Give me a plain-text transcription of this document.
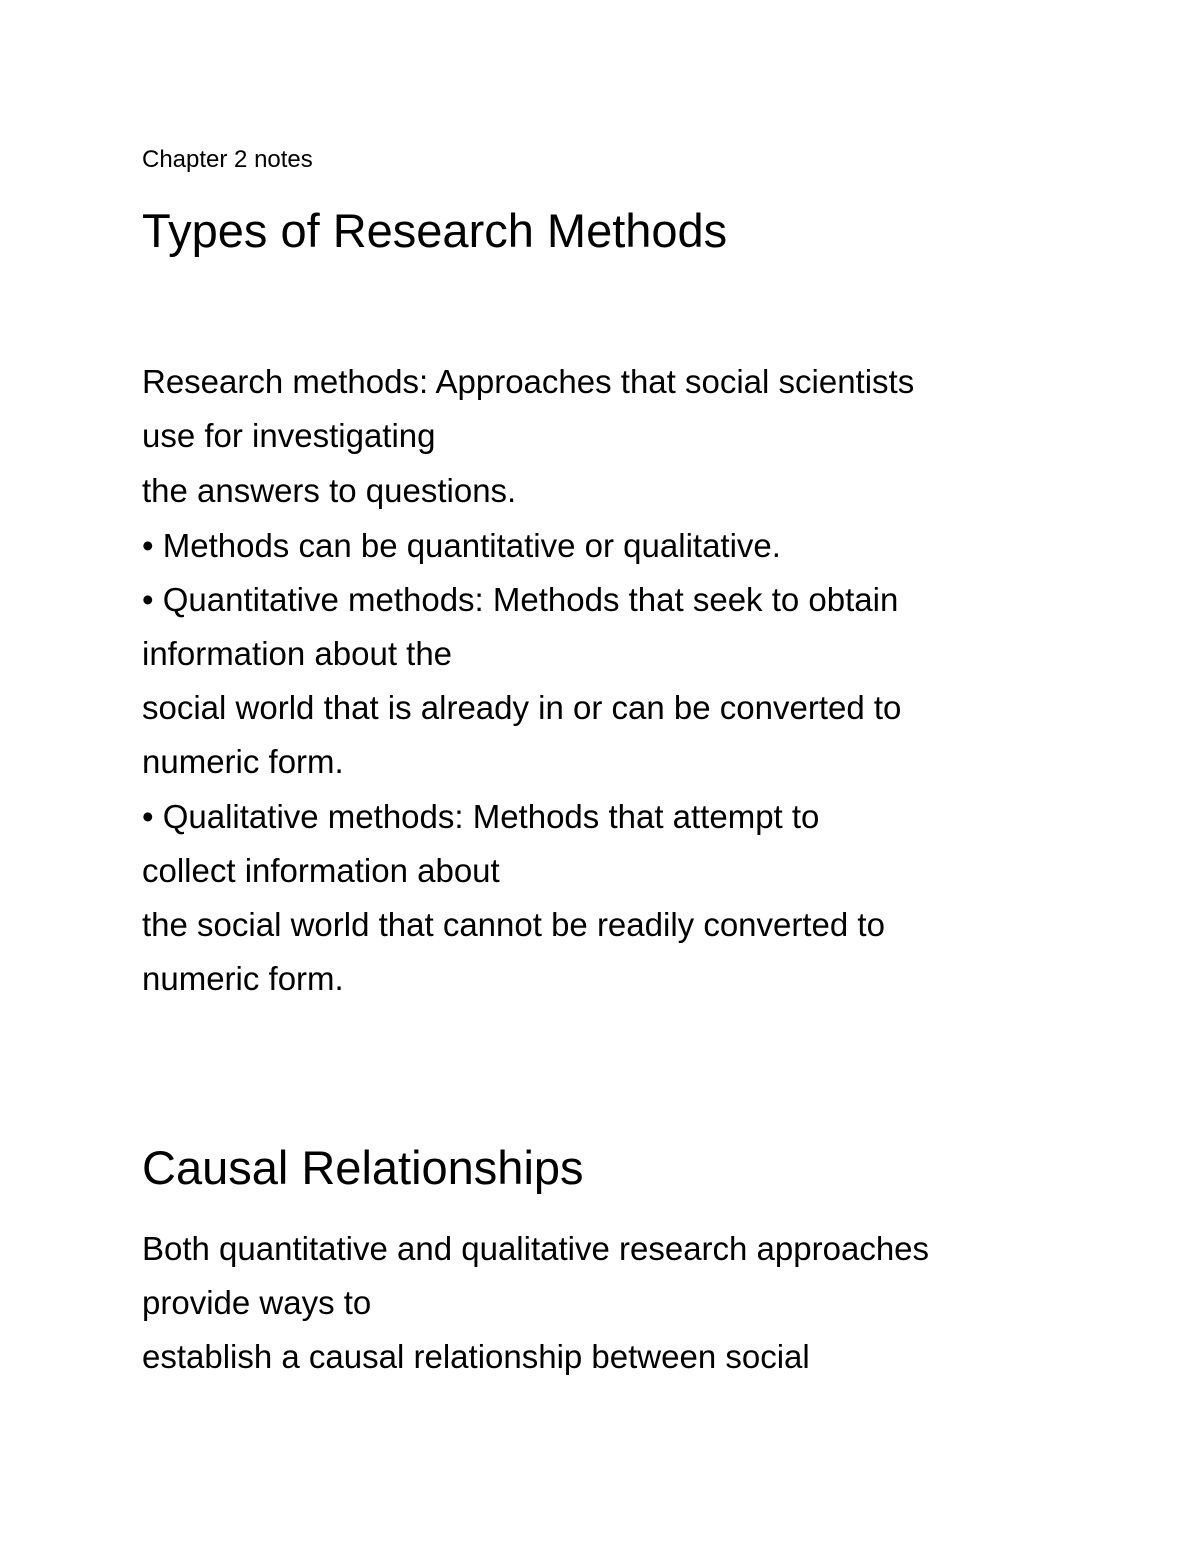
Chapter 2 notes
Types of Research Methods
Research methods: Approaches that social scientists
use for investigating
the answers to questions.
• Methods can be quantitative or qualitative.
• Quantitative methods: Methods that seek to obtain
information about the
social world that is already in or can be converted to
numeric form.
• Qualitative methods: Methods that attempt to
collect information about
the social world that cannot be readily converted to
numeric form.
Causal Relationships
Both quantitative and qualitative research approaches
provide ways to
establish a causal relationship between social
